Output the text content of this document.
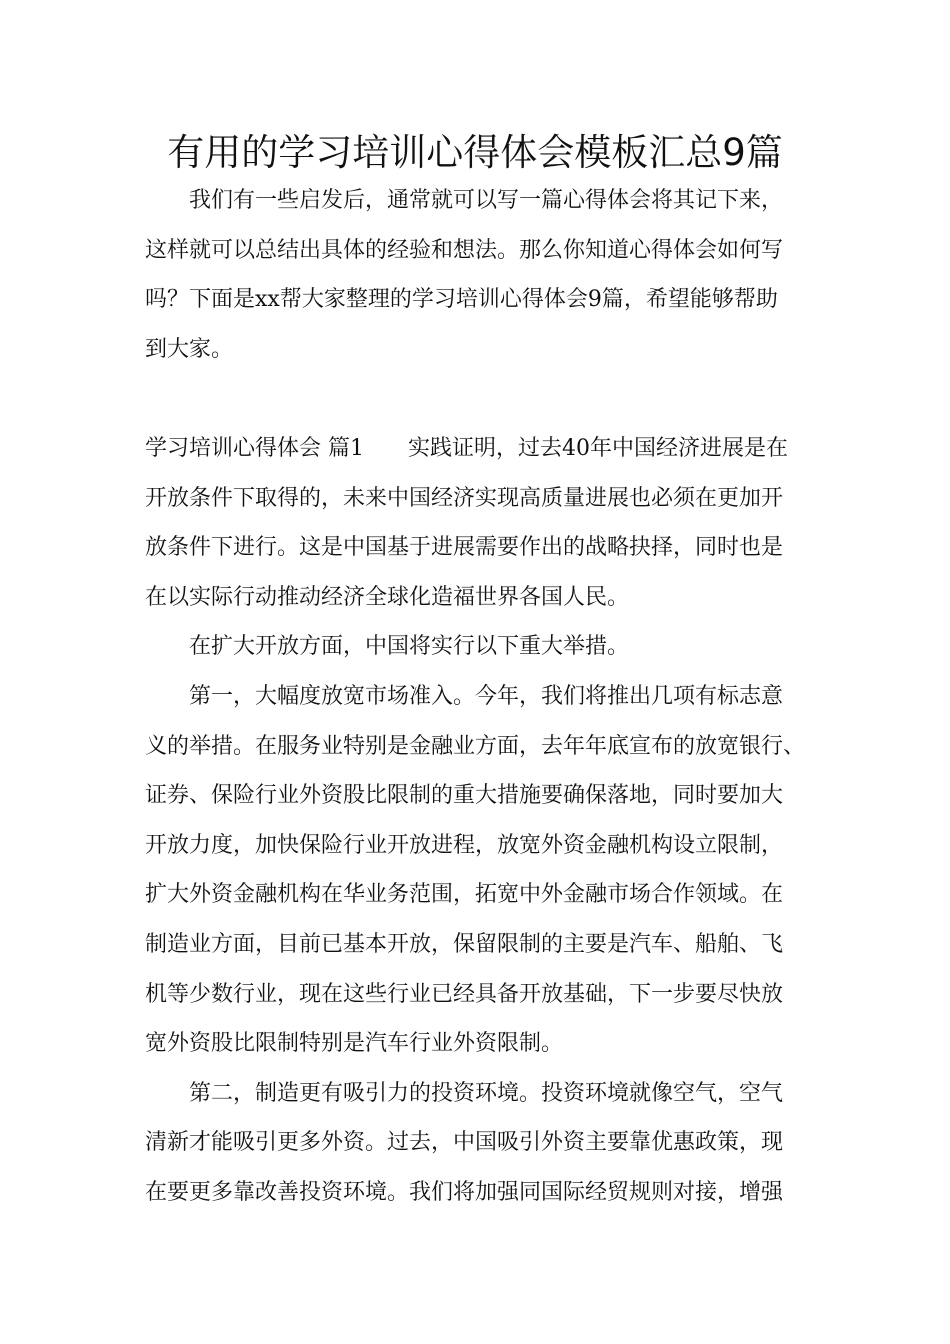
有用的学习培训心得体会模板汇总9篇
我们有一些启发后，通常就可以写一篇心得体会将其记下来，
这样就可以总结出具体的经验和想法。那么你知道心得体会如何写
吗？下面是xx帮大家整理的学习培训心得体会9篇，希望能够帮助
到大家。
学习培训心得体会 篇1 实践证明，过去40年中国经济进展是在
开放条件下取得的，未来中国经济实现高质量进展也必须在更加开
放条件下进行。这是中国基于进展需要作出的战略抉择，同时也是
在以实际行动推动经济全球化造福世界各国人民。
在扩大开放方面，中国将实行以下重大举措。
第一，大幅度放宽市场准入。今年，我们将推出几项有标志意
义的举措。在服务业特别是金融业方面，去年年底宣布的放宽银行、
证券、保险行业外资股比限制的重大措施要确保落地，同时要加大
开放力度，加快保险行业开放进程，放宽外资金融机构设立限制，
扩大外资金融机构在华业务范围，拓宽中外金融市场合作领域。在
制造业方面，目前已基本开放，保留限制的主要是汽车、船舶、飞
机等少数行业，现在这些行业已经具备开放基础，下一步要尽快放
宽外资股比限制特别是汽车行业外资限制。
第二，制造更有吸引力的投资环境。投资环境就像空气，空气
清新才能吸引更多外资。过去，中国吸引外资主要靠优惠政策，现
在要更多靠改善投资环境。我们将加强同国际经贸规则对接，增强
